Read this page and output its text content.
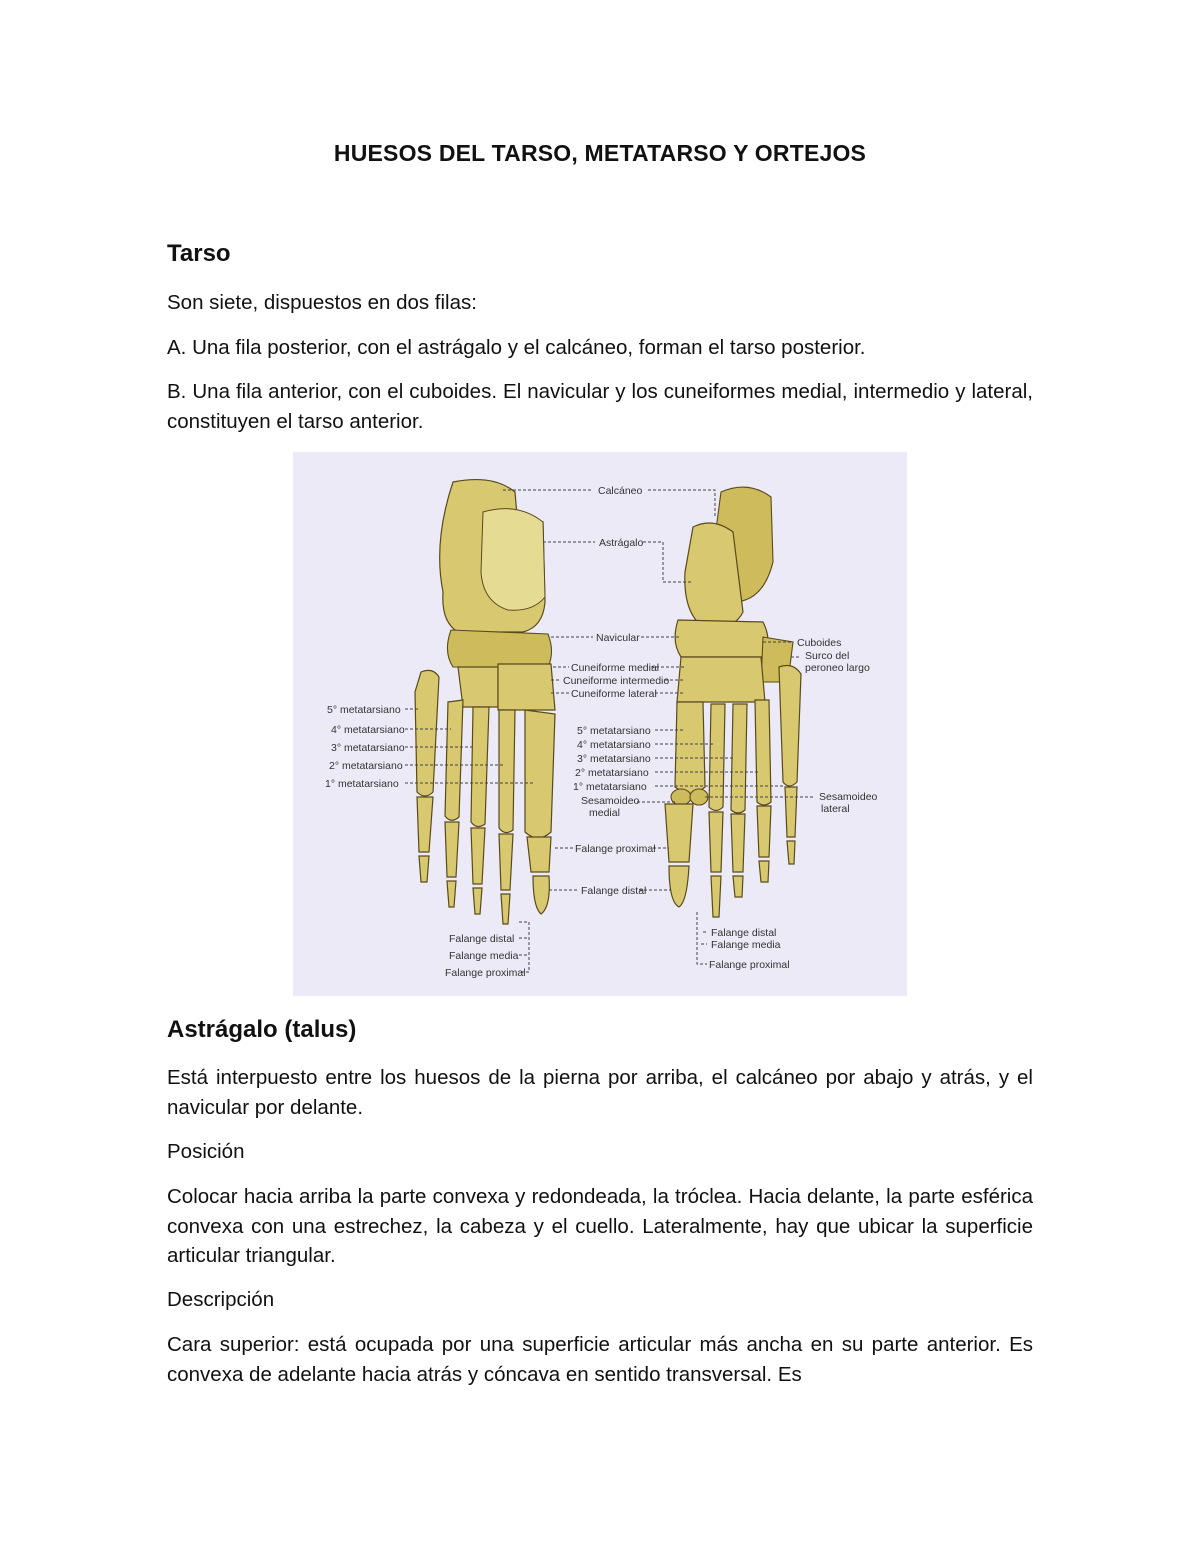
HUESOS DEL TARSO, METATARSO Y ORTEJOS
Tarso
Son siete, dispuestos en dos filas:
A. Una fila posterior, con el astrágalo y el calcáneo, forman el tarso posterior.
B. Una fila anterior, con el cuboides. El navicular y los cuneiformes medial, intermedio y lateral, constituyen el tarso anterior.
Calcáneo
Astrágalo
Navicular
Cuneiforme medial
Cuneiforme intermedio
Cuneiforme lateral
Cuboides
Surco del
peroneo largo
5° metatarsiano
4° metatarsiano
3° metatarsiano
2° metatarsiano
1° metatarsiano
5° metatarsiano
4° metatarsiano
3° metatarsiano
2° metatarsiano
1° metatarsiano
Sesamoideo
medial
Sesamoideo
lateral
Falange proximal
Falange distal
Falange distal
Falange media
Falange proximal
Falange distal
Falange media
Falange proximal
Astrágalo (talus)
Está interpuesto entre los huesos de la pierna por arriba, el calcáneo por abajo y atrás, y el navicular por delante.
Posición
Colocar hacia arriba la parte convexa y redondeada, la tróclea. Hacia delante, la parte esférica convexa con una estrechez, la cabeza y el cuello. Lateralmente, hay que ubicar la superficie articular triangular.
Descripción
Cara superior: está ocupada por una superficie articular más ancha en su parte anterior. Es convexa de adelante hacia atrás y cóncava en sentido transversal. Es
